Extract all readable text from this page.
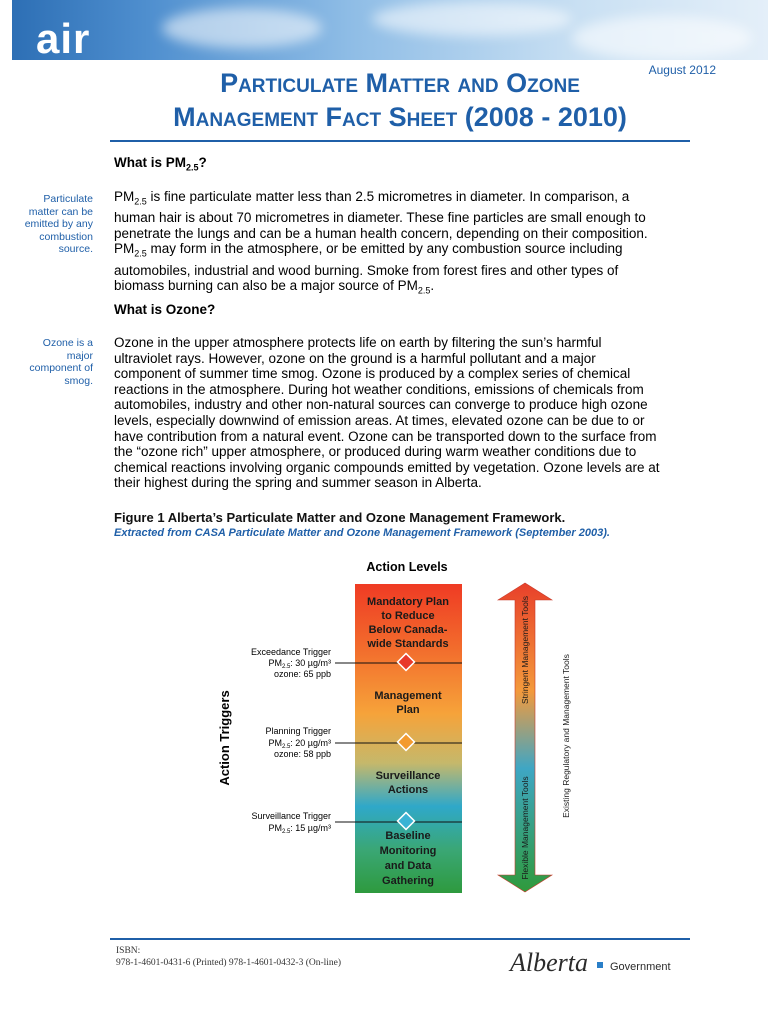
air
August 2012
Particulate Matter and Ozone
Management Fact Sheet (2008 - 2010)
What is $PM_{2.5}$?
Particulate matter can be emitted by any combustion source.
$PM_{2.5}$ is fine particulate matter less than 2.5 micrometres in diameter. In comparison, a human hair is about 70 micrometres in diameter. These fine particles are small enough to penetrate the lungs and can be a human health concern, depending on their composition. $PM_{2.5}$ may form in the atmosphere, or be emitted by any combustion source including automobiles, industrial and wood burning. Smoke from forest fires and other types of biomass burning can also be a major source of $PM_{2.5}$.
What is Ozone?
Ozone is a major component of smog.
Ozone in the upper atmosphere protects life on earth by filtering the sun’s harmful ultraviolet rays. However, ozone on the ground is a harmful pollutant and a major component of summer time smog. Ozone is produced by a complex series of chemical reactions in the atmosphere. During hot weather conditions, emissions of chemicals from automobiles, industry and other non-natural sources can converge to produce high ozone levels, especially downwind of emission areas. At times, elevated ozone can be due to or have contribution from a natural event. Ozone can be transported down to the surface from the “ozone rich” upper atmosphere, or produced during warm weather conditions due to chemical reactions involving organic compounds emitted by vegetation. Ozone levels are at their highest during the spring and summer season in Alberta.
Figure 1 Alberta’s Particulate Matter and Ozone Management Framework.
Extracted from CASA Particulate Matter and Ozone Management Framework (September 2003).
Action Levels
Mandatory Plan
to Reduce
Below Canada-
wide Standards
Management
Plan
Surveillance
Actions
Baseline
Monitoring
and Data
Gathering
Exceedance Trigger
$PM_{2.5}$: 30 µg/m³
ozone: 65 ppb
Planning Trigger
$PM_{2.5}$: 20 µg/m³
ozone: 58 ppb
Surveillance Trigger
$PM_{2.5}$: 15 µg/m³
Action Triggers
Stringent Management Tools
Flexible Management Tools
Existing Regulatory and Management Tools
ISBN:
978-1-4601-0431-6 (Printed) 978-1-4601-0432-3 (On-line)	Alberta Government
